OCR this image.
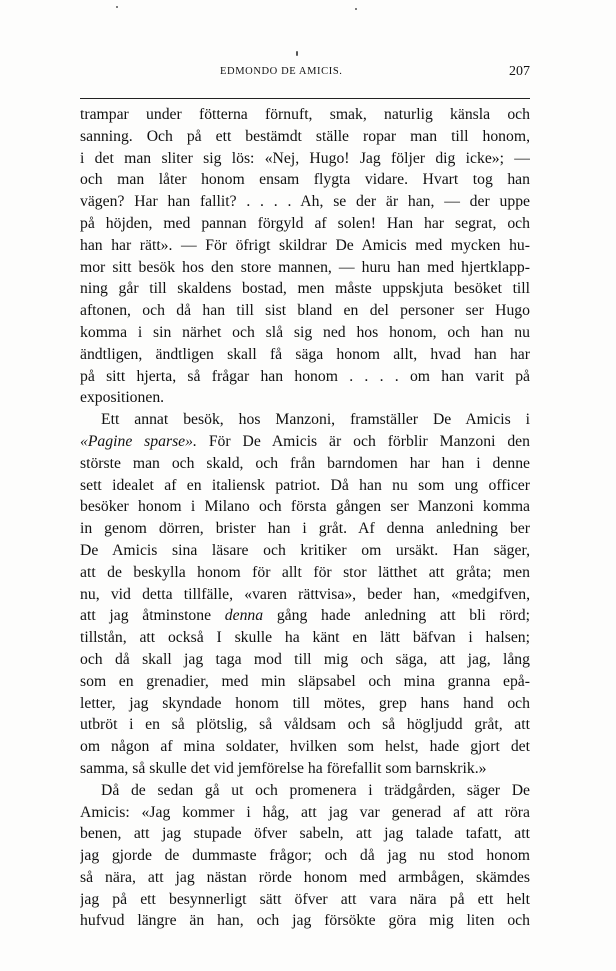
EDMONDO DE AMICIS.	207
trampar under fötterna förnuft, smak, naturlig känsla och
sanning. Och på ett bestämdt ställe ropar man till honom,
i det man sliter sig lös: «Nej, Hugo! Jag följer dig icke»; —
och man låter honom ensam flygta vidare. Hvart tog han
vägen? Har han fallit? . . . . Ah, se der är han, — der uppe
på höjden, med pannan förgyld af solen! Han har segrat, och
han har rätt». — För öfrigt skildrar De Amicis med mycken hu-
mor sitt besök hos den store mannen, — huru han med hjertklapp-
ning går till skaldens bostad, men måste uppskjuta besöket till
aftonen, och då han till sist bland en del personer ser Hugo
komma i sin närhet och slå sig ned hos honom, och han nu
ändtligen, ändtligen skall få säga honom allt, hvad han har
på sitt hjerta, så frågar han honom . . . . om han varit på
expositionen.
Ett annat besök, hos Manzoni, framställer De Amicis i
«Pagine sparse». För De Amicis är och förblir Manzoni den
störste man och skald, och från barndomen har han i denne
sett idealet af en italiensk patriot. Då han nu som ung officer
besöker honom i Milano och första gången ser Manzoni komma
in genom dörren, brister han i gråt. Af denna anledning ber
De Amicis sina läsare och kritiker om ursäkt. Han säger,
att de beskylla honom för allt för stor lätthet att gråta; men
nu, vid detta tillfälle, «varen rättvisa», beder han, «medgifven,
att jag åtminstone denna gång hade anledning att bli rörd;
tillstån, att också I skulle ha känt en lätt bäfvan i halsen;
och då skall jag taga mod till mig och säga, att jag, lång
som en grenadier, med min släpsabel och mina granna epå-
letter, jag skyndade honom till mötes, grep hans hand och
utbröt i en så plötslig, så våldsam och så högljudd gråt, att
om någon af mina soldater, hvilken som helst, hade gjort det
samma, så skulle det vid jemförelse ha förefallit som barnskrik.»
Då de sedan gå ut och promenera i trädgården, säger De
Amicis: «Jag kommer i håg, att jag var generad af att röra
benen, att jag stupade öfver sabeln, att jag talade tafatt, att
jag gjorde de dummaste frågor; och då jag nu stod honom
så nära, att jag nästan rörde honom med armbågen, skämdes
jag på ett besynnerligt sätt öfver att vara nära på ett helt
hufvud längre än han, och jag försökte göra mig liten och
